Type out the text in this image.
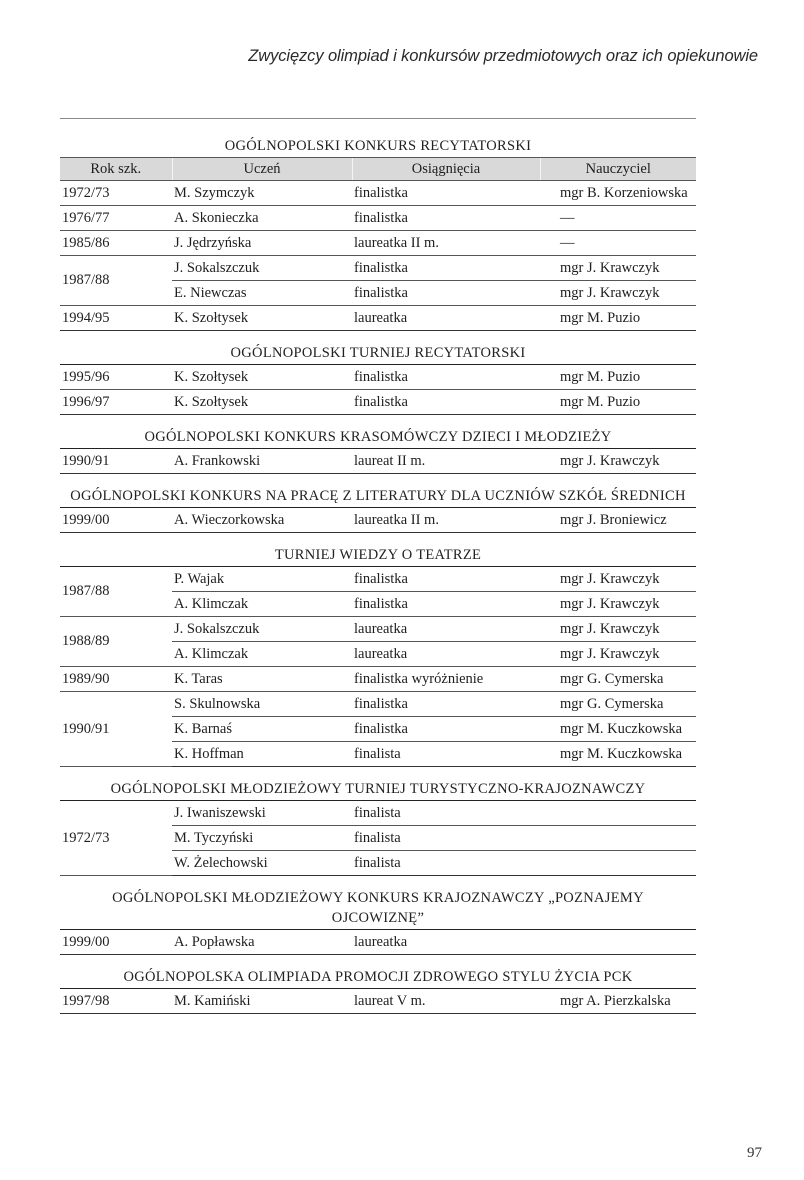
Zwycięzcy olimpiad i konkursów przedmiotowych oraz ich opiekunowie
OGÓLNOPOLSKI KONKURS RECYTATORSKI
Rok szk.	Uczeń	Osiągnięcia	Nauczyciel
1972/73	M. Szymczyk	finalistka	mgr B. Korzeniowska
1976/77	A. Skonieczka	finalistka	—
1985/86	J. Jędrzyńska	laureatka II m.	—
1987/88	J. Sokalszczuk	finalistka	mgr J. Krawczyk
	E. Niewczas	finalistka	mgr J. Krawczyk
1994/95	K. Szołtysek	laureatka	mgr M. Puzio
OGÓLNOPOLSKI TURNIEJ RECYTATORSKI
1995/96	K. Szołtysek	finalistka	mgr M. Puzio
1996/97	K. Szołtysek	finalistka	mgr M. Puzio
OGÓLNOPOLSKI KONKURS KRASOMÓWCZY DZIECI I MŁODZIEŻY
1990/91	A. Frankowski	laureat II m.	mgr J. Krawczyk
OGÓLNOPOLSKI KONKURS NA PRACĘ Z LITERATURY DLA UCZNIÓW SZKÓŁ ŚREDNICH
1999/00	A. Wieczorkowska	laureatka II m.	mgr J. Broniewicz
TURNIEJ WIEDZY O TEATRZE
1987/88	P. Wajak	finalistka	mgr J. Krawczyk
	A. Klimczak	finalistka	mgr J. Krawczyk
1988/89	J. Sokalszczuk	laureatka	mgr J. Krawczyk
	A. Klimczak	laureatka	mgr J. Krawczyk
1989/90	K. Taras	finalistka wyróżnienie	mgr G. Cymerska
1990/91	S. Skulnowska	finalistka	mgr G. Cymerska
	K. Barnaś	finalistka	mgr M. Kuczkowska
	K. Hoffman	finalista	mgr M. Kuczkowska
OGÓLNOPOLSKI MŁODZIEŻOWY TURNIEJ TURYSTYCZNO-KRAJOZNAWCZY
1972/73	J. Iwaniszewski	finalista	
	M. Tyczyński	finalista	
	W. Żelechowski	finalista	
OGÓLNOPOLSKI MŁODZIEŻOWY KONKURS KRAJOZNAWCZY „POZNAJEMY OJCOWIZNĘ”
1999/00	A. Popławska	laureatka	
OGÓLNOPOLSKA OLIMPIADA PROMOCJI ZDROWEGO STYLU ŻYCIA PCK
1997/98	M. Kamiński	laureat V m.	mgr A. Pierzkalska
97
